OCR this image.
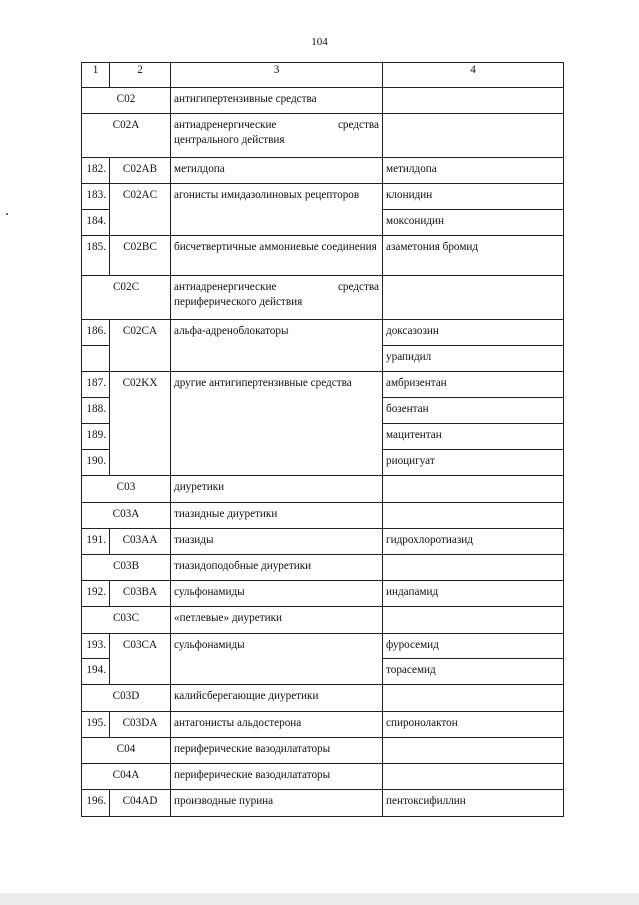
104
1	2	3	4
C02		антигипертензивные средства	
C02A		антиадренергические средства центрального действия	
182.	C02AB	метилдопа	метилдопа
183.	C02AC	агонисты имидазолиновых рецепторов	клонидин
184.			моксонидин
185.	C02BC	бисчетвертичные аммониевые соединения	азаметония бромид
C02C		антиадренергические средства периферического действия	
186.	C02CA	альфа-адреноблокаторы	доксазозин
			урапидил
187.	C02KX	другие антигипертензивные средства	амбризентан
188.			бозентан
189.			мацитентан
190.			риоцигуат
C03		диуретики	
C03A		тиазидные диуретики	
191.	C03AA	тиазиды	гидрохлоротиазид
C03B		тиазидоподобные диуретики	
192.	C03BA	сульфонамиды	индапамид
C03C		«петлевые» диуретики	
193.	C03CA	сульфонамиды	фуросемид
194.			торасемид
C03D		калийсберегающие диуретики	
195.	C03DA	антагонисты альдостерона	спиронолактон
C04		периферические вазодилататоры	
C04A		периферические вазодилататоры	
196.	C04AD	производные пурина	пентоксифиллин
